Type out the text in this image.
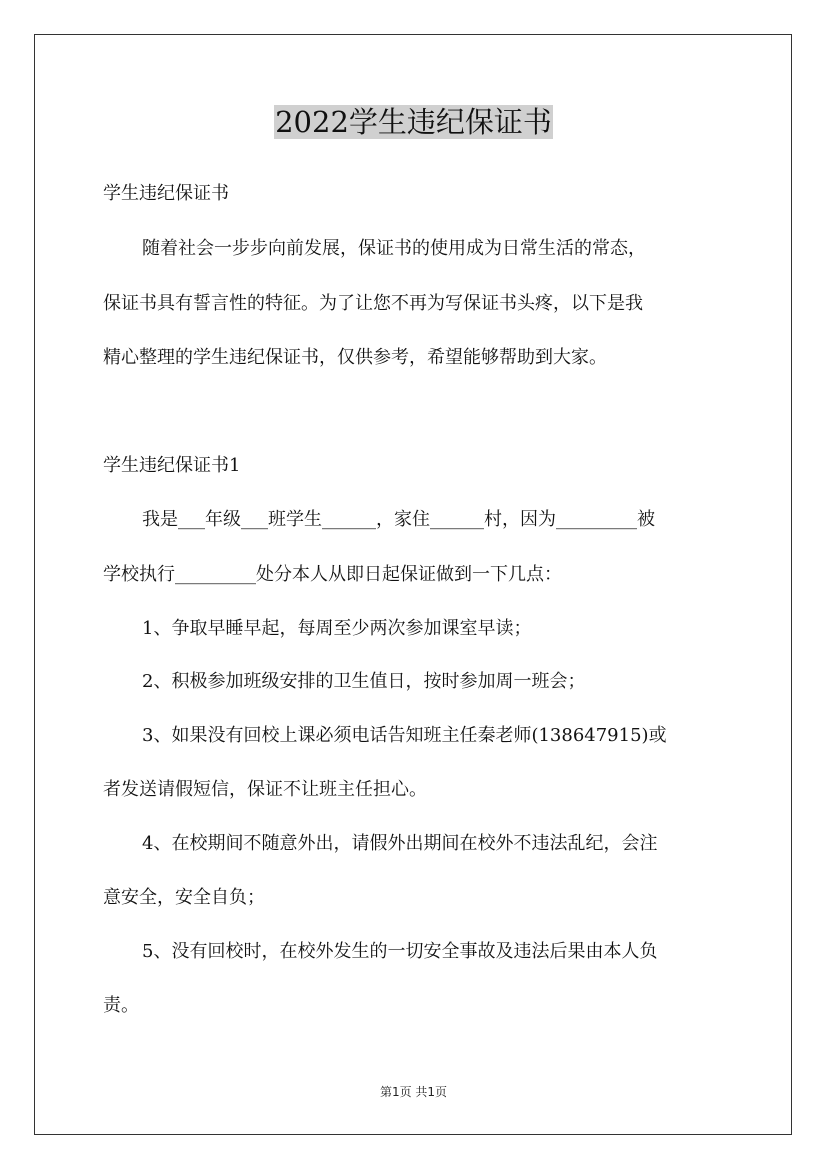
2022学生违纪保证书
学生违纪保证书
随着社会一步步向前发展，保证书的使用成为日常生活的常态，
保证书具有誓言性的特征。为了让您不再为写保证书头疼，以下是我
精心整理的学生违纪保证书，仅供参考，希望能够帮助到大家。
学生违纪保证书1
我是___年级___班学生______，家住______村，因为_________被
学校执行_________处分本人从即日起保证做到一下几点：
1、争取早睡早起，每周至少两次参加课室早读；
2、积极参加班级安排的卫生值日，按时参加周一班会；
3、如果没有回校上课必须电话告知班主任秦老师(138647915)或
者发送请假短信，保证不让班主任担心。
4、在校期间不随意外出，请假外出期间在校外不违法乱纪，会注
意安全，安全自负；
5、没有回校时，在校外发生的一切安全事故及违法后果由本人负
责。
第1页 共1页
